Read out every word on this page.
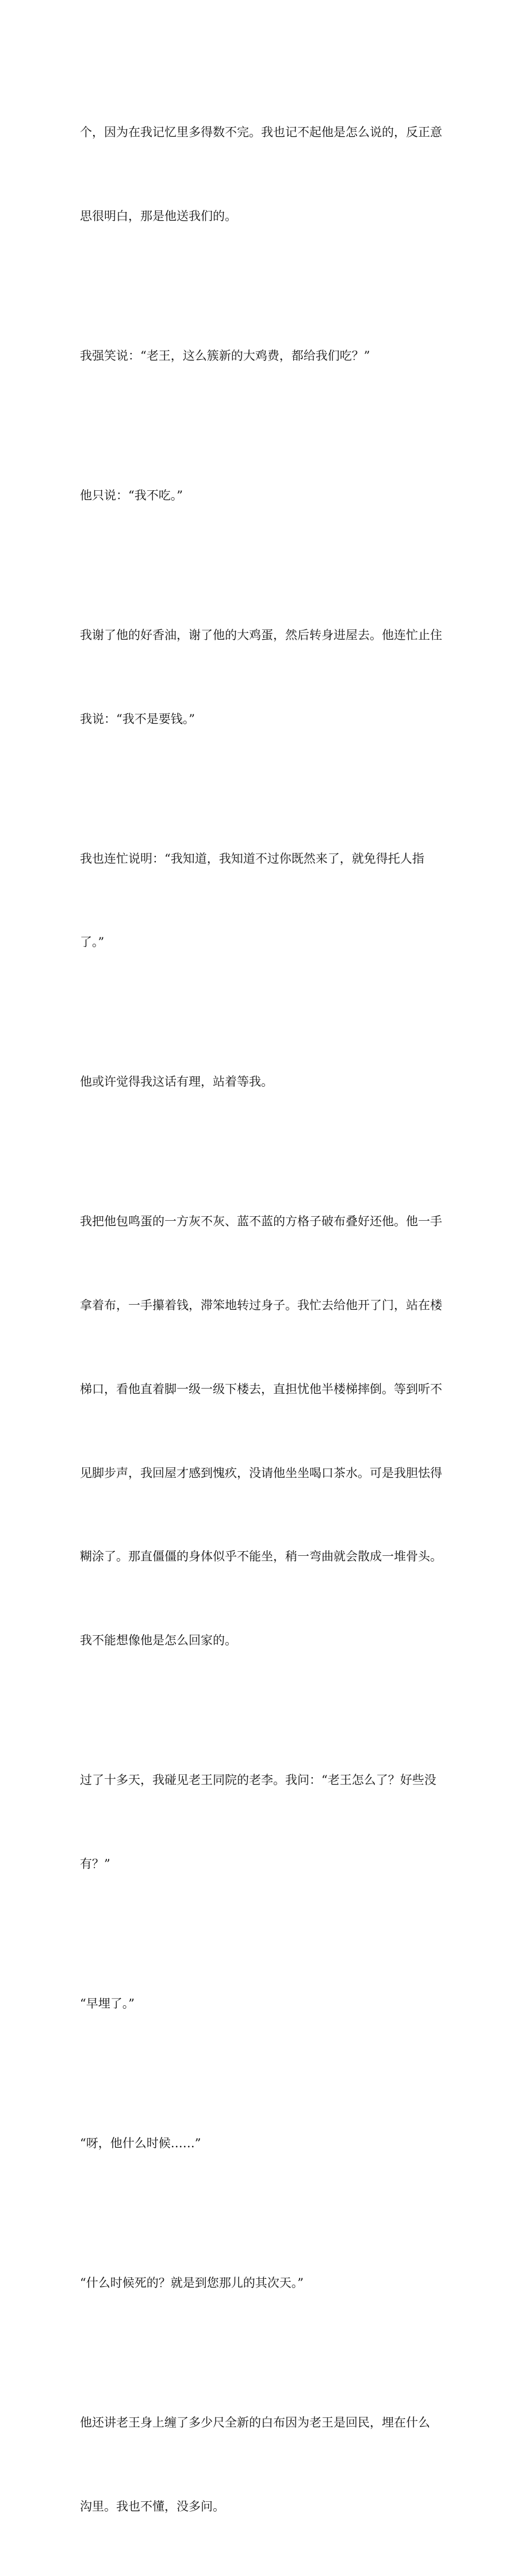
个，因为在我记忆里多得数不完。我也记不起他是怎么说的，反正意

思很明白，那是他送我们的。

我强笑说：“老王，这么簇新的大鸡费，都给我们吃？”

他只说：“我不吃。”

我谢了他的好香油，谢了他的大鸡蛋，然后转身进屋去。他连忙止住

我说：“我不是要钱。”

我也连忙说明：“我知道，我知道不过你既然来了，就免得托人指

了。”

他或许觉得我这话有理，站着等我。

我把他包鸣蛋的一方灰不灰、蓝不蓝的方格子破布叠好还他。他一手

拿着布，一手攥着钱，滞笨地转过身子。我忙去给他开了门，站在楼

梯口，看他直着脚一级一级下楼去，直担忧他半楼梯摔倒。等到听不

见脚步声，我回屋才感到愧疚，没请他坐坐喝口茶水。可是我胆怯得

糊涂了。那直僵僵的身体似乎不能坐，稍一弯曲就会散成一堆骨头。

我不能想像他是怎么回家的。

过了十多天，我碰见老王同院的老李。我问：“老王怎么了？好些没

有？”

“早埋了。”

“呀，他什么时候……”

“什么时候死的？就是到您那儿的其次天。”

他还讲老王身上缠了多少尺全新的白布因为老王是回民，埋在什么

沟里。我也不懂，没多问。
